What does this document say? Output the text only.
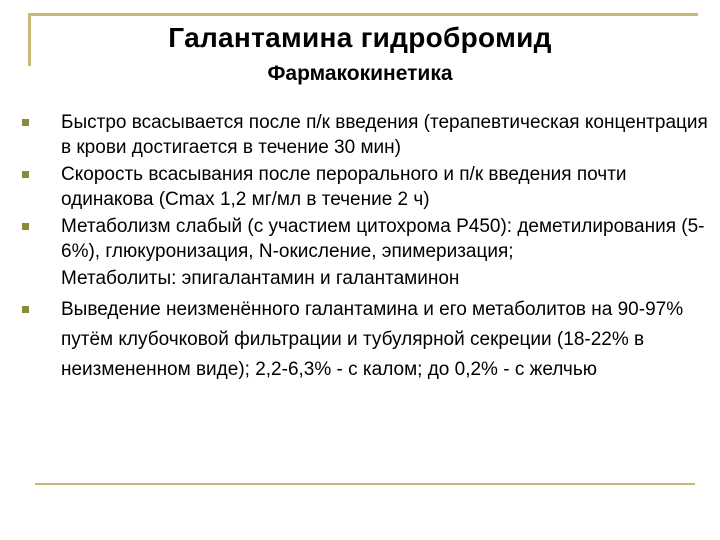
Галантамина гидробромид
Фармакокинетика
Быстро всасывается после п/к введения (терапевтическая концентрация в крови достигается в течение 30 мин)
Скорость всасывания после перорального и п/к введения почти одинакова (Cmax 1,2 мг/мл в течение 2 ч)
Метаболизм слабый (с участием цитохрома P450): деметилирования (5-6%), глюкуронизация, N-окисление, эпимеризация;
Метаболиты: эпигалантамин и галантаминон
Выведение неизменённого галантамина и его метаболитов на 90-97% путём клубочковой фильтрации и тубулярной секреции (18-22% в неизмененном виде); 2,2-6,3% - с калом; до 0,2% - с желчью
